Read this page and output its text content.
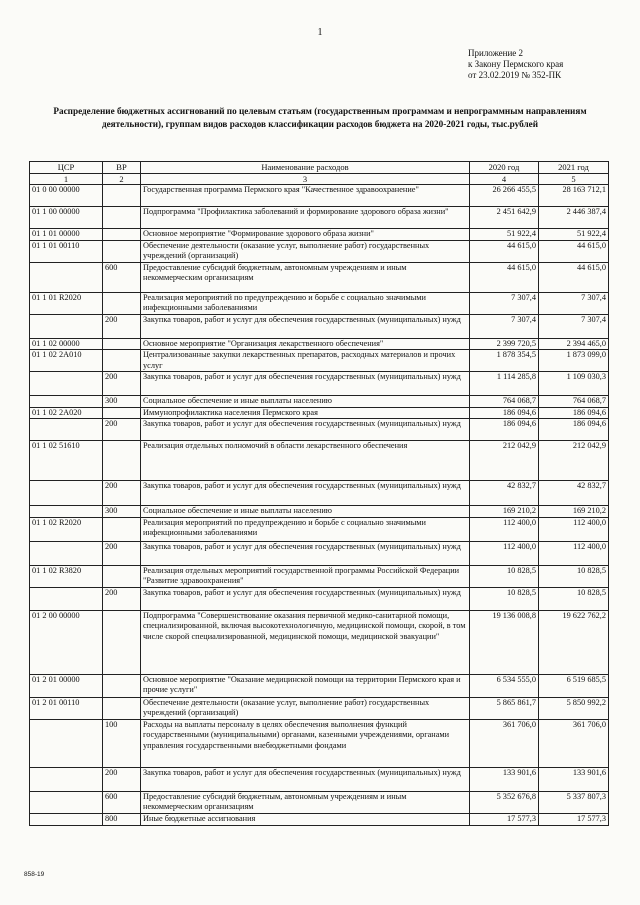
1
Приложение 2
к Закону Пермского края
от 23.02.2019 № 352-ПК
Распределение бюджетных ассигнований по целевым статьям (государственным программам и непрограммным направлениям деятельности), группам видов расходов классификации расходов бюджета на 2020-2021 годы, тыс.рублей
ЦСР	ВР	Наименование расходов	2020 год	2021 год
1	2	3	4	5
01 0 00 00000		Государственная программа Пермского края "Качественное здравоохранение"	26 266 455,5	28 163 712,1
01 1 00 00000		Подпрограмма "Профилактика заболеваний и формирование здорового образа жизни"	2 451 642,9	2 446 387,4
01 1 01 00000		Основное мероприятие "Формирование здорового образа жизни"	51 922,4	51 922,4
01 1 01 00110		Обеспечение деятельности (оказание услуг, выполнение работ) государственных учреждений (организаций)	44 615,0	44 615,0
	600	Предоставление субсидий бюджетным, автономным учреждениям и иным некоммерческим организациям	44 615,0	44 615,0
01 1 01 R2020		Реализация мероприятий по предупреждению и борьбе с социально значимыми инфекционными заболеваниями	7 307,4	7 307,4
	200	Закупка товаров, работ и услуг для обеспечения государственных (муниципальных) нужд	7 307,4	7 307,4
01 1 02 00000		Основное мероприятие "Организация лекарственного обеспечения"	2 399 720,5	2 394 465,0
01 1 02 2А010		Централизованные закупки лекарственных препаратов, расходных материалов и прочих услуг	1 878 354,5	1 873 099,0
	200	Закупка товаров, работ и услуг для обеспечения государственных (муниципальных) нужд	1 114 285,8	1 109 030,3
	300	Социальное обеспечение и иные выплаты населению	764 068,7	764 068,7
01 1 02 2А020		Иммунопрофилактика населения Пермского края	186 094,6	186 094,6
	200	Закупка товаров, работ и услуг для обеспечения государственных (муниципальных) нужд	186 094,6	186 094,6
01 1 02 51610		Реализация отдельных полномочий в области лекарственного обеспечения	212 042,9	212 042,9
	200	Закупка товаров, работ и услуг для обеспечения государственных (муниципальных) нужд	42 832,7	42 832,7
	300	Социальное обеспечение и иные выплаты населению	169 210,2	169 210,2
01 1 02 R2020		Реализация мероприятий по предупреждению и борьбе с социально значимыми инфекционными заболеваниями	112 400,0	112 400,0
	200	Закупка товаров, работ и услуг для обеспечения государственных (муниципальных) нужд	112 400,0	112 400,0
01 1 02 R3820		Реализация отдельных мероприятий государственной программы Российской Федерации "Развитие здравоохранения"	10 828,5	10 828,5
	200	Закупка товаров, работ и услуг для обеспечения государственных (муниципальных) нужд	10 828,5	10 828,5
01 2 00 00000		Подпрограмма "Совершенствование оказания первичной медико-санитарной помощи, специализированной, включая высокотехнологичную, медицинской помощи, скорой, в том числе скорой специализированной, медицинской помощи, медицинской эвакуации"	19 136 008,8	19 622 762,2
01 2 01 00000		Основное мероприятие "Оказание медицинской помощи на территории Пермского края и прочие услуги"	6 534 555,0	6 519 685,5
01 2 01 00110		Обеспечение деятельности (оказание услуг, выполнение работ) государственных учреждений (организаций)	5 865 861,7	5 850 992,2
	100	Расходы на выплаты персоналу в целях обеспечения выполнения функций государственными (муниципальными) органами, казенными учреждениями, органами управления государственными внебюджетными фондами	361 706,0	361 706,0
	200	Закупка товаров, работ и услуг для обеспечения государственных (муниципальных) нужд	133 901,6	133 901,6
	600	Предоставление субсидий бюджетным, автономным учреждениям и иным некоммерческим организациям	5 352 676,8	5 337 807,3
	800	Иные бюджетные ассигнования	17 577,3	17 577,3
858-19
